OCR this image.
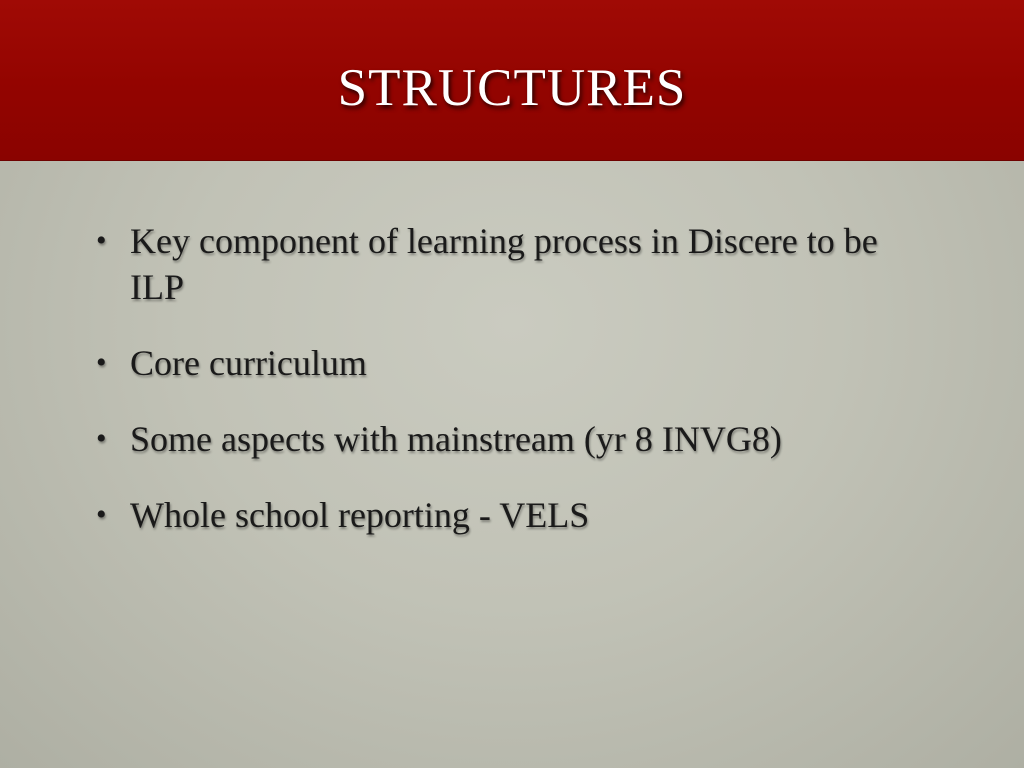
structures
• Key component of learning process in Discere to be ILP
• Core curriculum
• Some aspects with mainstream (yr 8 INVG8)
• Whole school reporting - VELS
